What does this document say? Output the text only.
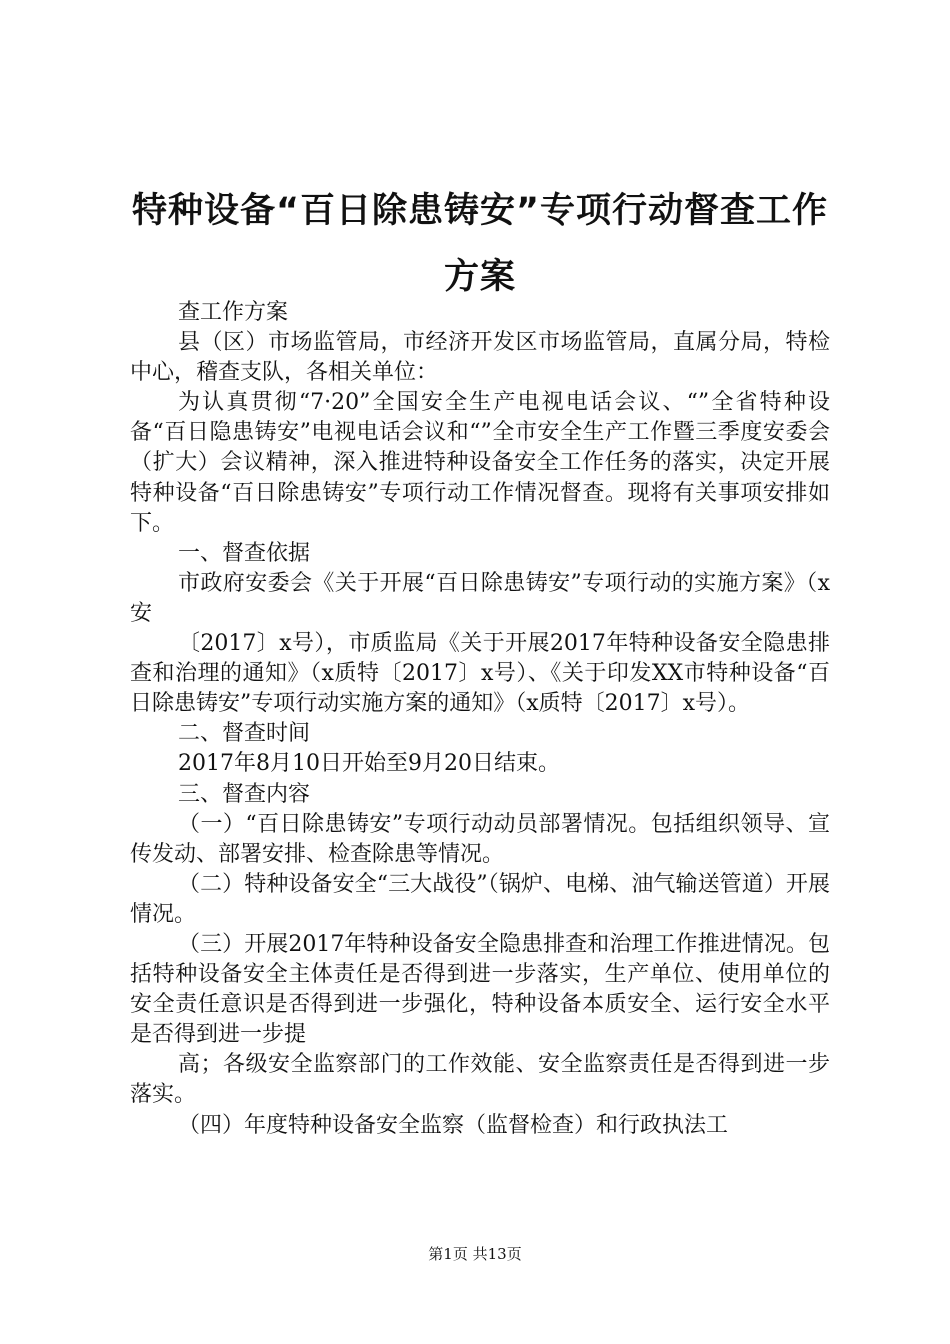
特种设备“百日除患铸安”专项行动督查工作
方案

查工作方案

县（区）市场监管局，市经济开发区市场监管局，直属分局，特检中心，稽查支队，各相关单位：

为认真贯彻“7·20”全国安全生产电视电话会议、“”全省特种设备“百日隐患铸安”电视电话会议和“”全市安全生产工作暨三季度安委会（扩大）会议精神，深入推进特种设备安全工作任务的落实，决定开展特种设备“百日除患铸安”专项行动工作情况督查。现将有关事项安排如下。

一、督查依据

市政府安委会《关于开展“百日除患铸安”专项行动的实施方案》（x安

〔2017〕x号），市质监局《关于开展2017年特种设备安全隐患排查和治理的通知》（x质特〔2017〕x号）、《关于印发XX市特种设备“百日除患铸安”专项行动实施方案的通知》（x质特〔2017〕x号）。

二、督查时间

2017年8月10日开始至9月20日结束。

三、督查内容

（一）“百日除患铸安”专项行动动员部署情况。包括组织领导、宣传发动、部署安排、检查除患等情况。

（二）特种设备安全“三大战役”（锅炉、电梯、油气输送管道）开展情况。

（三）开展2017年特种设备安全隐患排查和治理工作推进情况。包括特种设备安全主体责任是否得到进一步落实，生产单位、使用单位的安全责任意识是否得到进一步强化，特种设备本质安全、运行安全水平是否得到进一步提

高；各级安全监察部门的工作效能、安全监察责任是否得到进一步落实。

（四）年度特种设备安全监察（监督检查）和行政执法工

第1页 共13页
